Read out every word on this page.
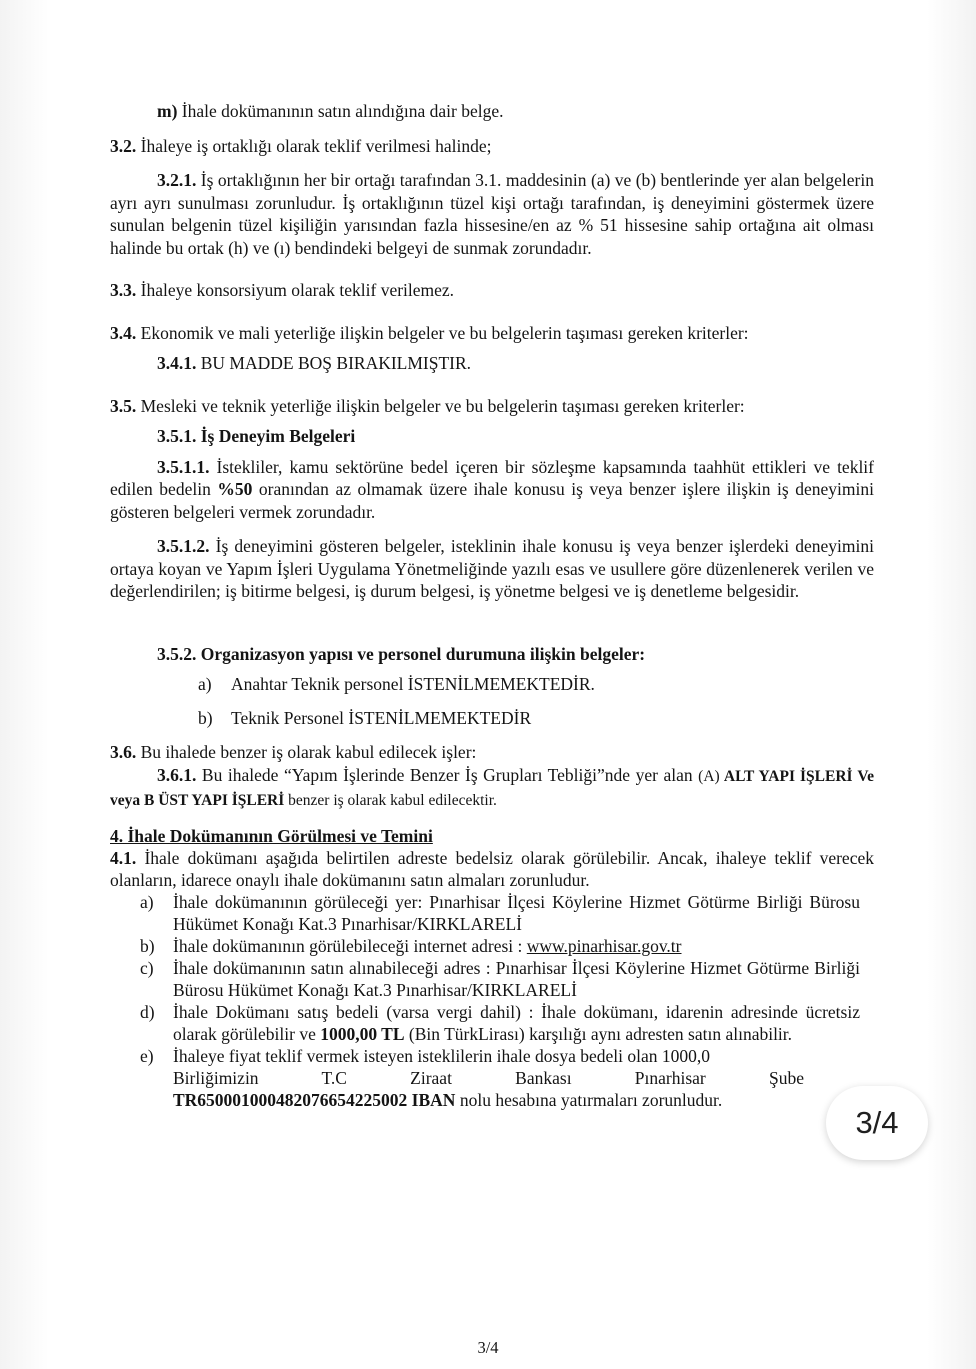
m) İhale dokümanının satın alındığına dair belge.

3.2. İhaleye iş ortaklığı olarak teklif verilmesi halinde;

3.2.1. İş ortaklığının her bir ortağı tarafından 3.1. maddesinin (a) ve (b) bentlerinde yer alan belgelerin ayrı ayrı sunulması zorunludur. İş ortaklığının tüzel kişi ortağı tarafından, iş deneyimini göstermek üzere sunulan belgenin tüzel kişiliğin yarısından fazla hissesine/en az % 51 hissesine sahip ortağına ait olması halinde bu ortak (h) ve (ı) bendindeki belgeyi de sunmak zorundadır.

3.3. İhaleye konsorsiyum olarak teklif verilemez.

3.4. Ekonomik ve mali yeterliğe ilişkin belgeler ve bu belgelerin taşıması gereken kriterler:

3.4.1. BU MADDE BOŞ BIRAKILMIŞTIR.

3.5. Mesleki ve teknik yeterliğe ilişkin belgeler ve bu belgelerin taşıması gereken kriterler:

3.5.1. İş Deneyim Belgeleri

3.5.1.1. İstekliler, kamu sektörüne bedel içeren bir sözleşme kapsamında taahhüt ettikleri ve teklif edilen bedelin %50 oranından az olmamak üzere ihale konusu iş veya benzer işlere ilişkin iş deneyimini gösteren belgeleri vermek zorundadır.

3.5.1.2. İş deneyimini gösteren belgeler, isteklinin ihale konusu iş veya benzer işlerdeki deneyimini ortaya koyan ve Yapım İşleri Uygulama Yönetmeliğinde yazılı esas ve usullere göre düzenlenerek verilen ve değerlendirilen; iş bitirme belgesi, iş durum belgesi, iş yönetme belgesi ve iş denetleme belgesidir.

3.5.2. Organizasyon yapısı ve personel durumuna ilişkin belgeler:

a)	Anahtar Teknik personel İSTENİLMEMEKTEDİR.
b)	Teknik Personel İSTENİLMEMEKTEDİR

3.6. Bu ihalede benzer iş olarak kabul edilecek işler:

3.6.1. Bu ihalede “Yapım İşlerinde Benzer İş Grupları Tebliği”nde yer alan (A) ALT YAPI İŞLERİ Ve veya B ÜST YAPI İŞLERİ benzer iş olarak kabul edilecektir.

4. İhale Dokümanının Görülmesi ve Temini

4.1. İhale dokümanı aşağıda belirtilen adreste bedelsiz olarak görülebilir. Ancak, ihaleye teklif verecek olanların, idarece onaylı ihale dokümanını satın almaları zorunludur.

a)	İhale dokümanının görüleceği yer: Pınarhisar İlçesi Köylerine Hizmet Götürme Birliği Bürosu Hükümet Konağı Kat.3 Pınarhisar/KIRKLARELİ
b)	İhale dokümanının görülebileceği internet adresi : www.pinarhisar.gov.tr
c)	İhale dokümanının satın alınabileceği adres : Pınarhisar İlçesi Köylerine Hizmet Götürme Birliği Bürosu Hükümet Konağı Kat.3 Pınarhisar/KIRKLARELİ
d)	İhale Dokümanı satış bedeli (varsa vergi dahil) : İhale dokümanı, idarenin adresinde ücretsiz olarak görülebilir ve 1000,00 TL (Bin TürkLirası) karşılığı aynı adresten satın alınabilir.
e)	İhaleye fiyat teklif vermek isteyen isteklilerin ihale dosya bedeli olan 1000,0
Birliğimizin T.C Ziraat Bankası Pınarhisar Şube
TR650001000482076654225002 IBAN nolu hesabına yatırmaları zorunludur.
3/4
3/4
